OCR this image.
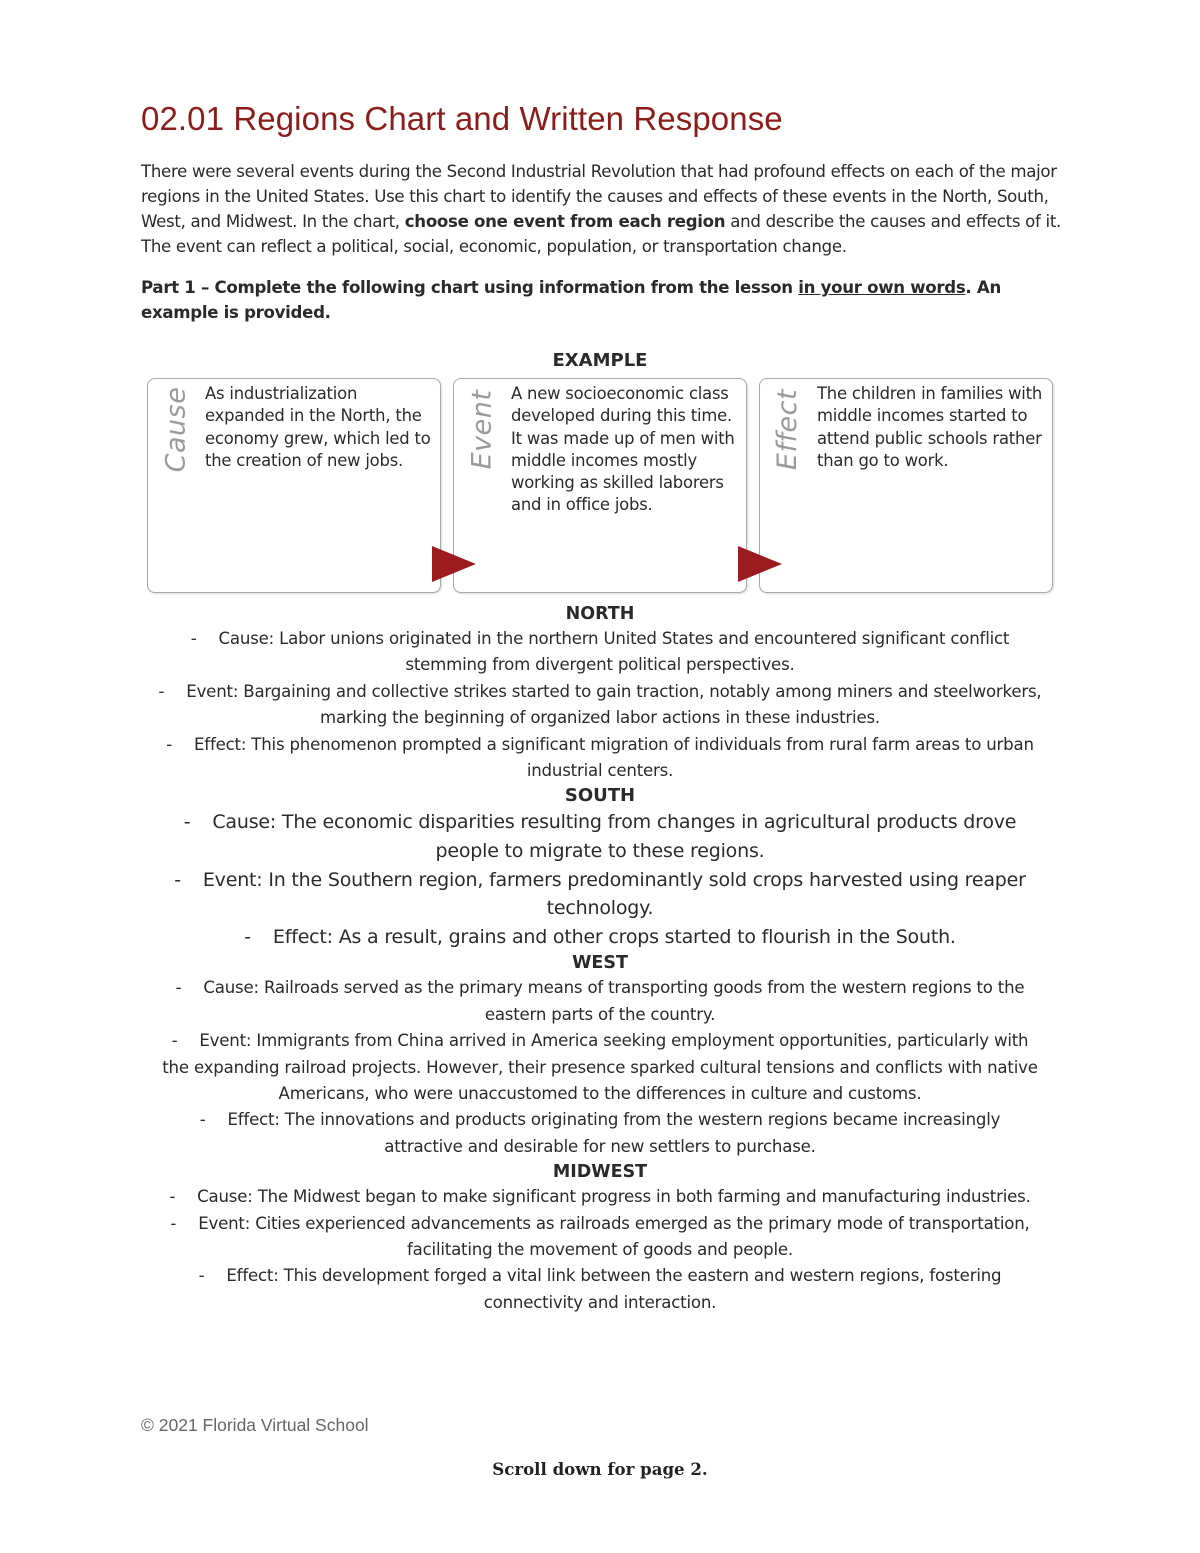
02.01 Regions Chart and Written Response

There were several events during the Second Industrial Revolution that had profound effects on each of the major regions in the United States. Use this chart to identify the causes and effects of these events in the North, South, West, and Midwest. In the chart, choose one event from each region and describe the causes and effects of it. The event can reflect a political, social, economic, population, or transportation change.

Part 1 – Complete the following chart using information from the lesson in your own words. An example is provided.

EXAMPLE
Cause As industrialization expanded in the North, the economy grew, which led to the creation of new jobs.	Event A new socioeconomic class developed during this time. It was made up of men with middle incomes mostly working as skilled laborers and in office jobs.
Effect The children in families with middle incomes started to attend public schools rather than go to work.

NORTH

- Cause: Labor unions originated in the northern United States and encountered significant conflict stemming from divergent political perspectives.

- Event: Bargaining and collective strikes started to gain traction, notably among miners and steelworkers, marking the beginning of organized labor actions in these industries.

- Effect: This phenomenon prompted a significant migration of individuals from rural farm areas to urban industrial centers.

SOUTH

- Cause: The economic disparities resulting from changes in agricultural products drove people to migrate to these regions.

- Event: In the Southern region, farmers predominantly sold crops harvested using reaper technology.

- Effect: As a result, grains and other crops started to flourish in the South.

WEST

- Cause: Railroads served as the primary means of transporting goods from the western regions to the eastern parts of the country.

- Event: Immigrants from China arrived in America seeking employment opportunities, particularly with the expanding railroad projects. However, their presence sparked cultural tensions and conflicts with native Americans, who were unaccustomed to the differences in culture and customs.

- Effect: The innovations and products originating from the western regions became increasingly attractive and desirable for new settlers to purchase.

MIDWEST

- Cause: The Midwest began to make significant progress in both farming and manufacturing industries.

- Event: Cities experienced advancements as railroads emerged as the primary mode of transportation, facilitating the movement of goods and people.

- Effect: This development forged a vital link between the eastern and western regions, fostering connectivity and interaction.

© 2021 Florida Virtual School
Scroll down for page 2.
